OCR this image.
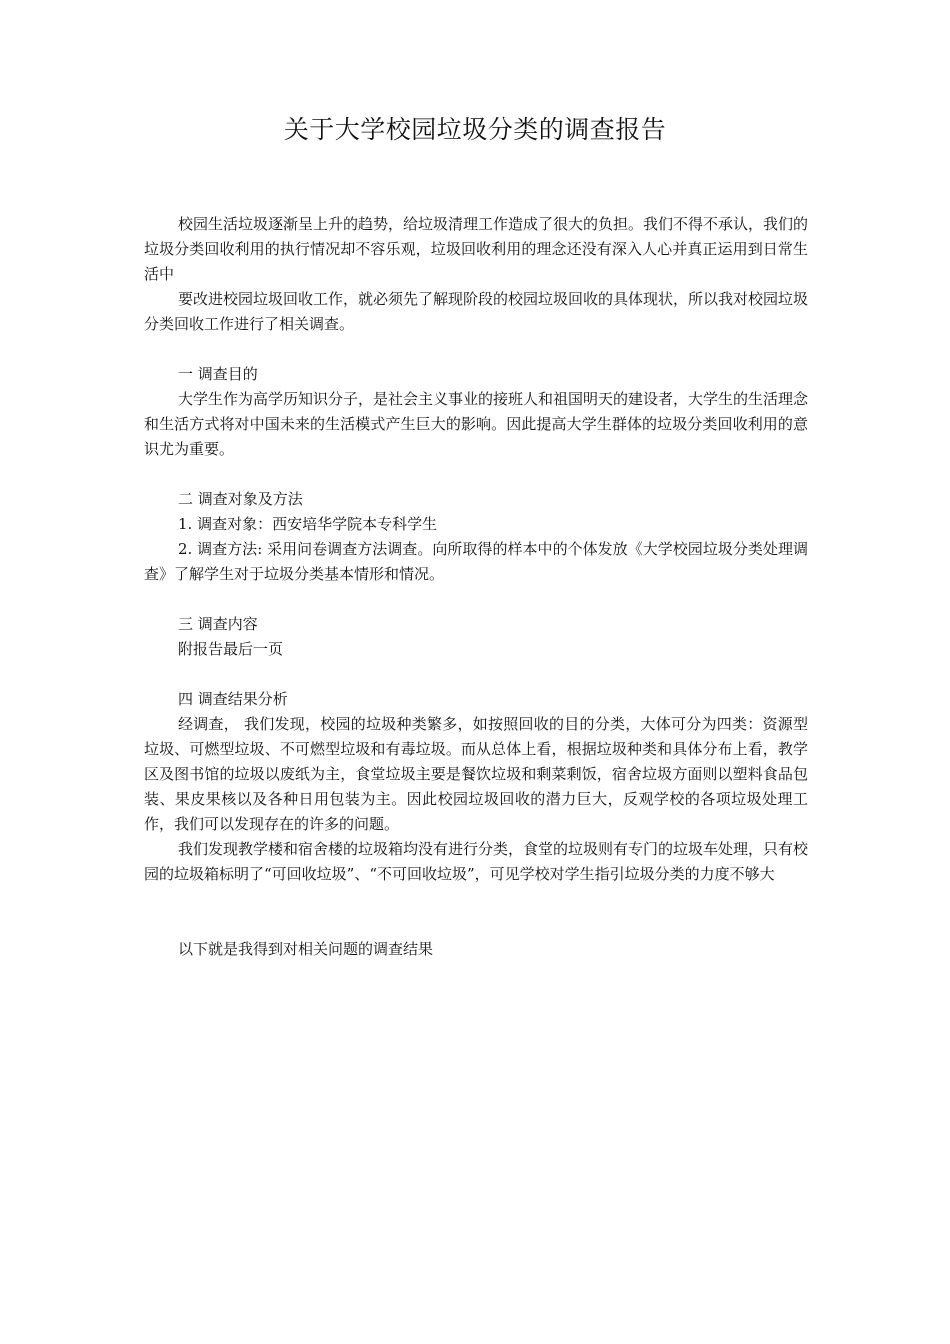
关于大学校园垃圾分类的调查报告

校园生活垃圾逐渐呈上升的趋势，给垃圾清理工作造成了很大的负担。我们不得不承认，我们的垃圾分类回收利用的执行情况却不容乐观，垃圾回收利用的理念还没有深入人心并真正运用到日常生活中

要改进校园垃圾回收工作，就必须先了解现阶段的校园垃圾回收的具体现状，所以我对校园垃圾分类回收工作进行了相关调查。

一 调查目的

大学生作为高学历知识分子，是社会主义事业的接班人和祖国明天的建设者，大学生的生活理念和生活方式将对中国未来的生活模式产生巨大的影响。因此提高大学生群体的垃圾分类回收利用的意识尤为重要。

二 调查对象及方法

1. 调查对象：西安培华学院本专科学生

2. 调查方法: 采用问卷调查方法调查。向所取得的样本中的个体发放《大学校园垃圾分类处理调查》了解学生对于垃圾分类基本情形和情况。

三 调查内容

附报告最后一页

四 调查结果分析

经调查， 我们发现，校园的垃圾种类繁多，如按照回收的目的分类，大体可分为四类：资源型垃圾、可燃型垃圾、不可燃型垃圾和有毒垃圾。而从总体上看，根据垃圾种类和具体分布上看，教学区及图书馆的垃圾以废纸为主，食堂垃圾主要是餐饮垃圾和剩菜剩饭，宿舍垃圾方面则以塑料食品包装、果皮果核以及各种日用包装为主。因此校园垃圾回收的潜力巨大，反观学校的各项垃圾处理工作，我们可以发现存在的许多的问题。

我们发现教学楼和宿舍楼的垃圾箱均没有进行分类，食堂的垃圾则有专门的垃圾车处理，只有校园的垃圾箱标明了“可回收垃圾”、“不可回收垃圾”，可见学校对学生指引垃圾分类的力度不够大

以下就是我得到对相关问题的调查结果
